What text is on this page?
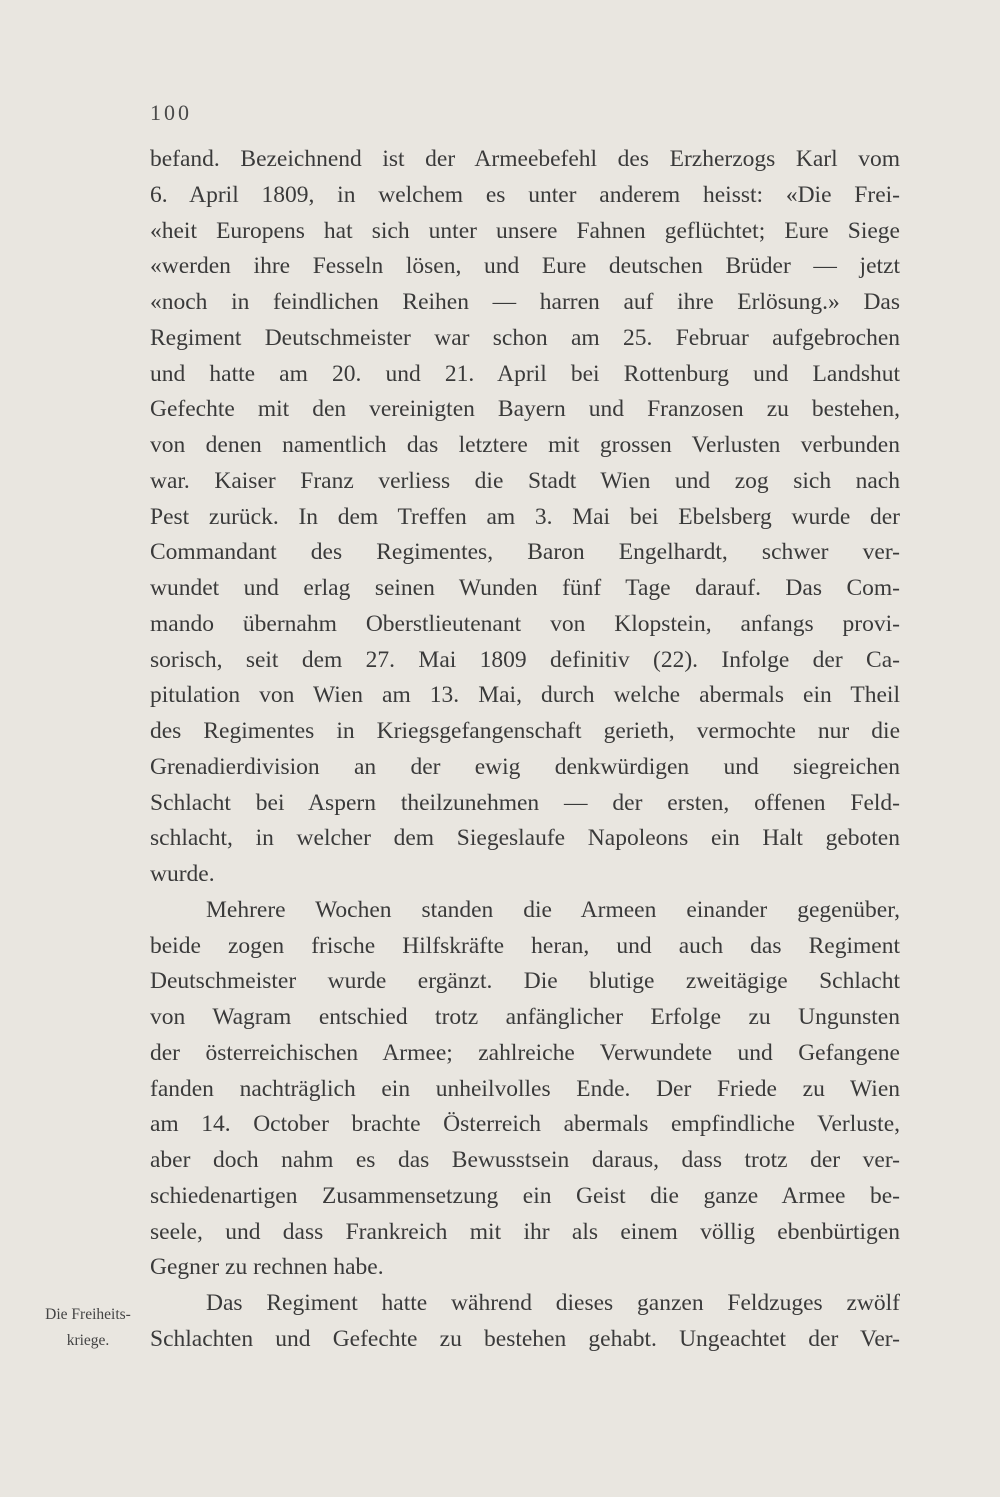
100
befand. Bezeichnend ist der Armeebefehl des Erzherzogs Karl vom
6. April 1809, in welchem es unter anderem heisst: «Die Frei-
«heit Europens hat sich unter unsere Fahnen geflüchtet; Eure Siege
«werden ihre Fesseln lösen, und Eure deutschen Brüder — jetzt
«noch in feindlichen Reihen — harren auf ihre Erlösung.» Das
Regiment Deutschmeister war schon am 25. Februar aufgebrochen
und hatte am 20. und 21. April bei Rottenburg und Landshut
Gefechte mit den vereinigten Bayern und Franzosen zu bestehen,
von denen namentlich das letztere mit grossen Verlusten verbunden
war. Kaiser Franz verliess die Stadt Wien und zog sich nach
Pest zurück. In dem Treffen am 3. Mai bei Ebelsberg wurde der
Commandant des Regimentes, Baron Engelhardt, schwer ver-
wundet und erlag seinen Wunden fünf Tage darauf. Das Com-
mando übernahm Oberstlieutenant von Klopstein, anfangs provi-
sorisch, seit dem 27. Mai 1809 definitiv (22). Infolge der Ca-
pitulation von Wien am 13. Mai, durch welche abermals ein Theil
des Regimentes in Kriegsgefangenschaft gerieth, vermochte nur die
Grenadierdivision an der ewig denkwürdigen und siegreichen
Schlacht bei Aspern theilzunehmen — der ersten, offenen Feld-
schlacht, in welcher dem Siegeslaufe Napoleons ein Halt geboten
wurde.
Mehrere Wochen standen die Armeen einander gegenüber,
beide zogen frische Hilfskräfte heran, und auch das Regiment
Deutschmeister wurde ergänzt. Die blutige zweitägige Schlacht
von Wagram entschied trotz anfänglicher Erfolge zu Ungunsten
der österreichischen Armee; zahlreiche Verwundete und Gefangene
fanden nachträglich ein unheilvolles Ende. Der Friede zu Wien
am 14. October brachte Österreich abermals empfindliche Verluste,
aber doch nahm es das Bewusstsein daraus, dass trotz der ver-
schiedenartigen Zusammensetzung ein Geist die ganze Armee be-
seele, und dass Frankreich mit ihr als einem völlig ebenbürtigen
Gegner zu rechnen habe.
Das Regiment hatte während dieses ganzen Feldzuges zwölf
Schlachten und Gefechte zu bestehen gehabt. Ungeachtet der Ver-
Die Freiheits-
kriege.
